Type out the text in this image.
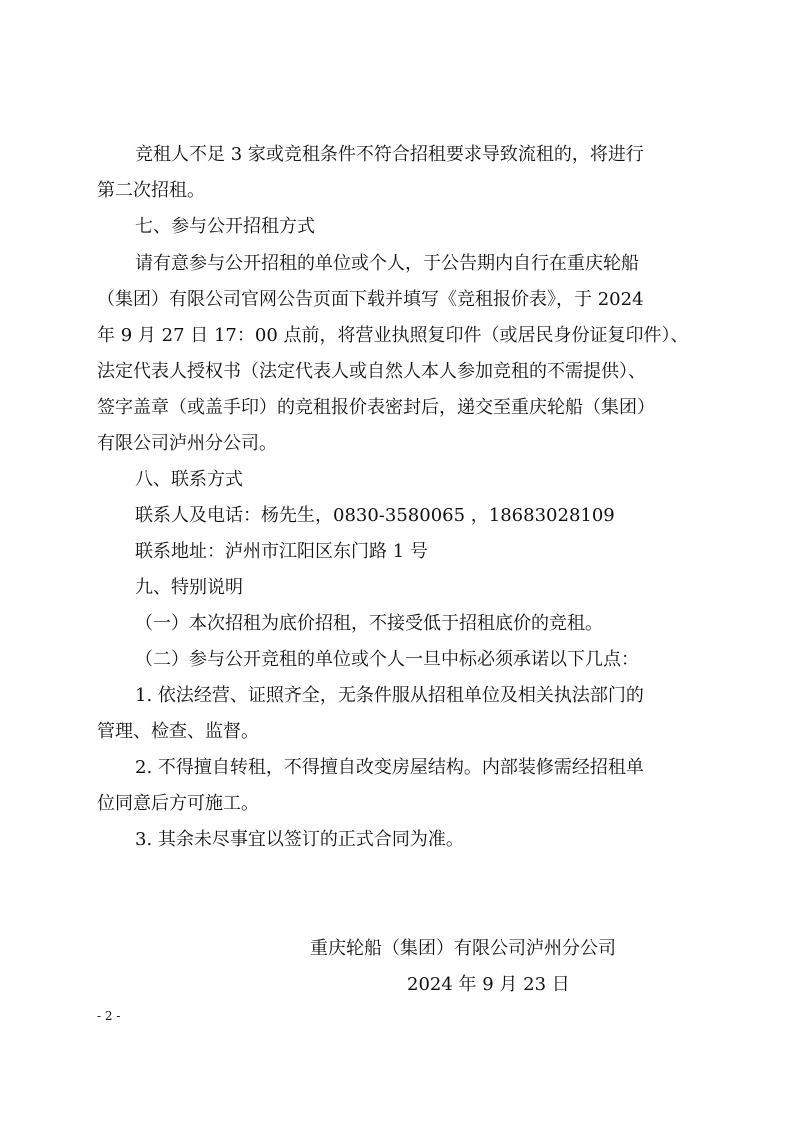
竞租人不足 3 家或竞租条件不符合招租要求导致流租的，将进行
第二次招租。
七、参与公开招租方式
请有意参与公开招租的单位或个人，于公告期内自行在重庆轮船
（集团）有限公司官网公告页面下载并填写《竞租报价表》，于 2024
年 9 月 27 日 17：00 点前，将营业执照复印件（或居民身份证复印件）、
法定代表人授权书（法定代表人或自然人本人参加竞租的不需提供）、
签字盖章（或盖手印）的竞租报价表密封后，递交至重庆轮船（集团）
有限公司泸州分公司。
八、联系方式
联系人及电话：杨先生，0830-3580065 ，18683028109
联系地址：泸州市江阳区东门路 1 号
九、特别说明
（一）本次招租为底价招租，不接受低于招租底价的竞租。
（二）参与公开竞租的单位或个人一旦中标必须承诺以下几点：
1. 依法经营、证照齐全，无条件服从招租单位及相关执法部门的
管理、检查、监督。
2. 不得擅自转租，不得擅自改变房屋结构。内部装修需经招租单
位同意后方可施工。
3. 其余未尽事宜以签订的正式合同为准。
重庆轮船（集团）有限公司泸州分公司
2024 年 9 月 23 日
- 2 -
